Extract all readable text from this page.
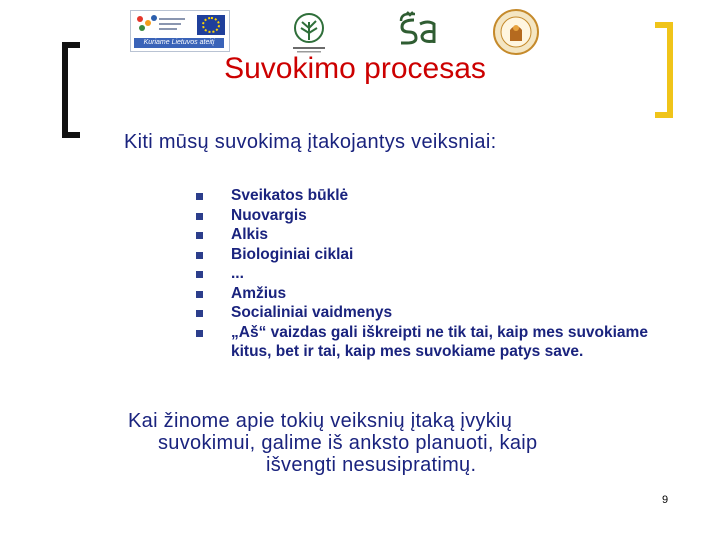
Kuriame Lietuvos ateitį
Suvokimo procesas
Kiti mūsų suvokimą įtakojantys veiksniai:
Sveikatos būklė
Nuovargis
Alkis
Biologiniai ciklai
...
Amžius
Socialiniai vaidmenys
„Aš“ vaizdas gali iškreipti ne tik tai, kaip mes suvokiame kitus, bet ir tai, kaip mes suvokiame patys save.
Kai žinome apie tokių veiksnių įtaką įvykių
suvokimui, galime iš anksto planuoti, kaip
išvengti nesusipratimų.
9
